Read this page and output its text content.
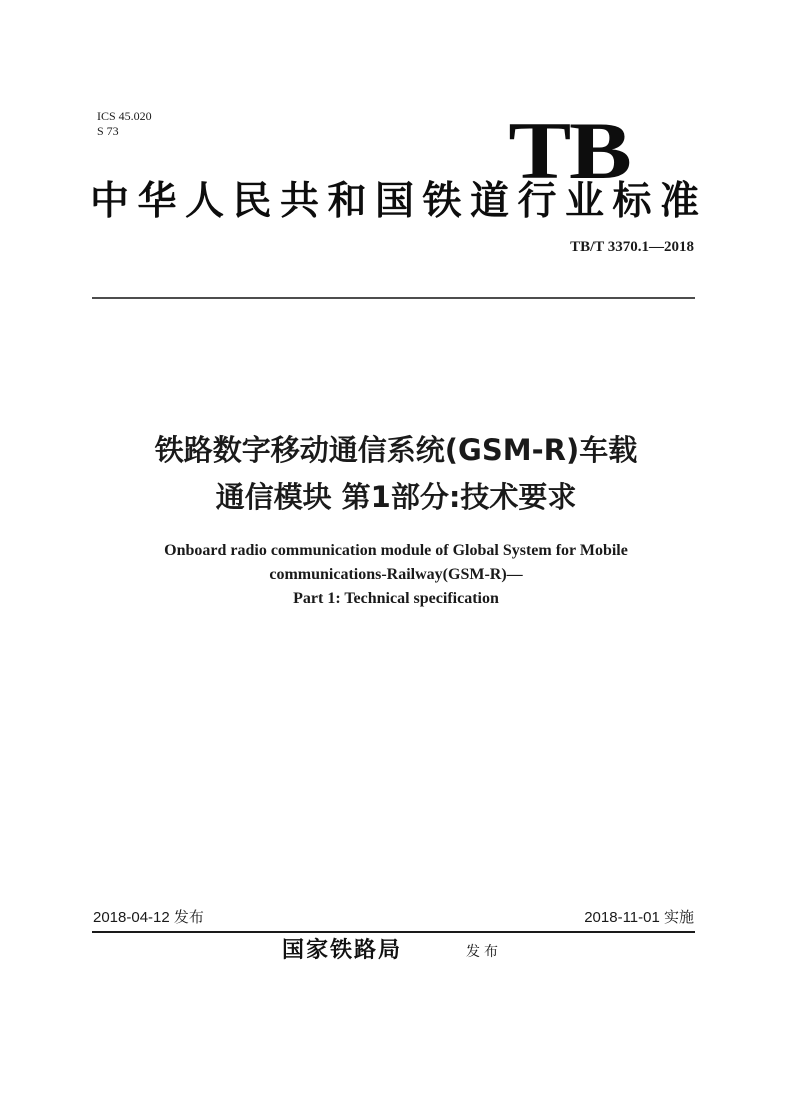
ICS 45.020
S 73	TB
中华人民共和国铁道行业标准
TB/T 3370.1—2018
铁路数字移动通信系统(GSM-R)车载
通信模块 第1部分:技术要求
Onboard radio communication module of Global System for Mobile
communications-Railway(GSM-R)—
Part 1: Technical specification
2018-04-12 发布	2018-11-01 实施
国家铁路局	发布
